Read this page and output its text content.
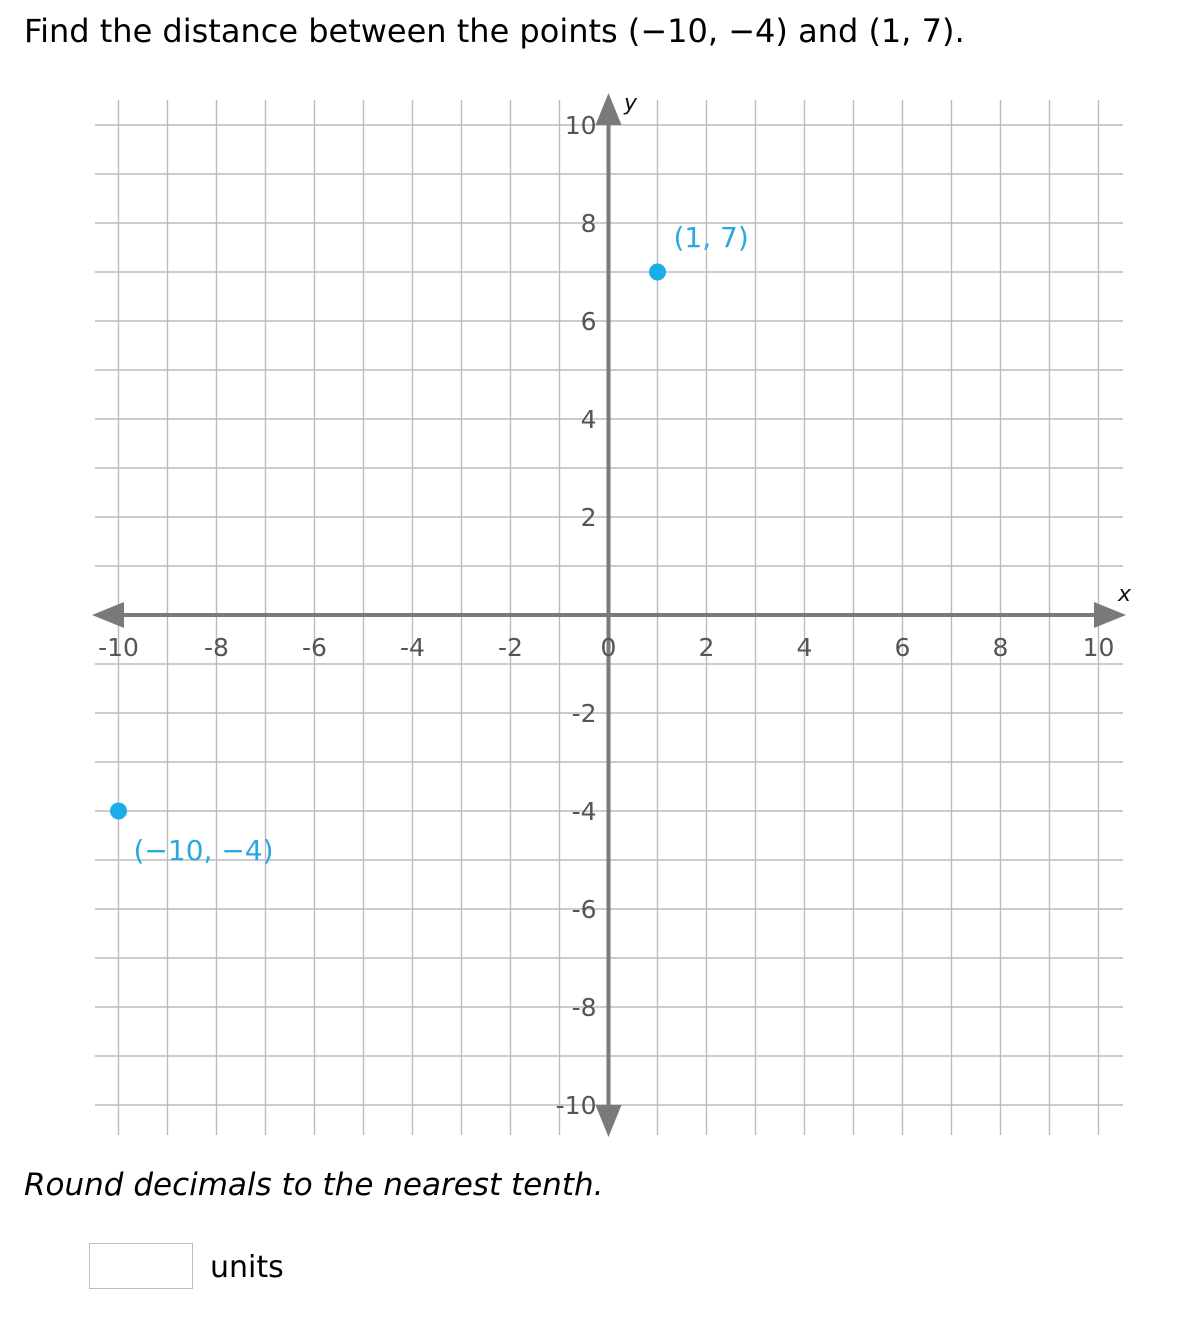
Find the distance between the points (−10, −4) and (1, 7).
-10	-8	-6	-4	-2	0	2	4	6	8	10
10
8
6
4
2
-2
-4
-6
-8
-10
(−10, −4)
(1, 7)
x
y
Round decimals to the nearest tenth.
units
